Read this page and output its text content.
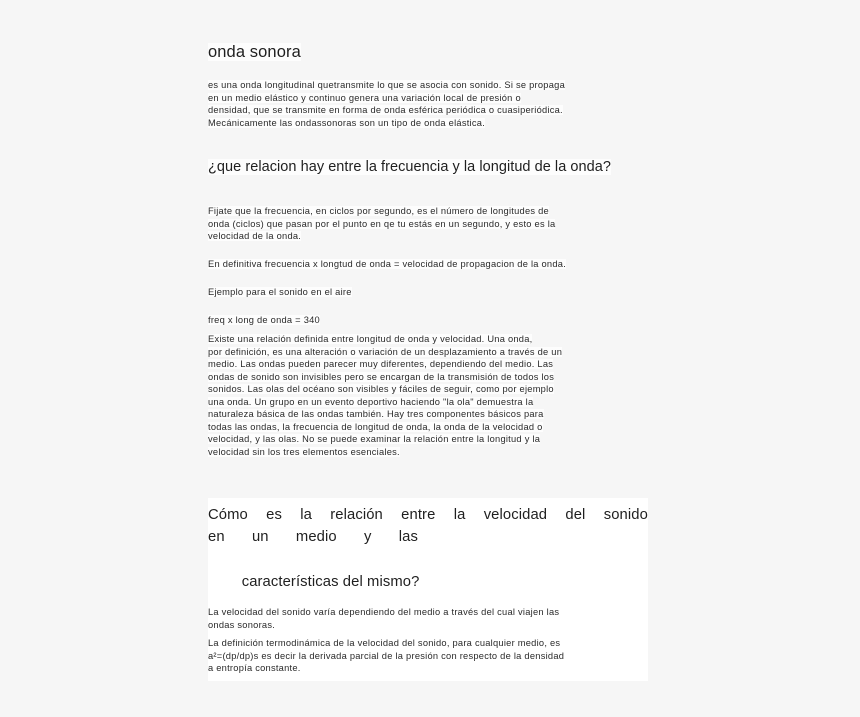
onda sonora
es una onda longitudinal quetransmite lo que se asocia con sonido. Si se propaga
en un medio elástico y continuo genera una variación local de presión o
densidad, que se transmite en forma de onda esférica periódica o cuasiperiódica.
Mecánicamente las ondassonoras son un tipo de onda elástica.
¿que relacion hay entre la frecuencia y la longitud de la onda?
Fijate que la frecuencia, en ciclos por segundo, es el número de longitudes de
onda (ciclos) que pasan por el punto en qe tu estás en un segundo, y esto es la
velocidad de la onda.
En definitiva frecuencia x longtud de onda = velocidad de propagacion de la onda.
Ejemplo para el sonido en el aire
freq x long de onda = 340
Existe una relación definida entre longitud de onda y velocidad. Una onda,
por definición, es una alteración o variación de un desplazamiento a través de un
medio. Las ondas pueden parecer muy diferentes, dependiendo del medio. Las
ondas de sonido son invisibles pero se encargan de la transmisión de todos los
sonidos. Las olas del océano son visibles y fáciles de seguir, como por ejemplo
una onda. Un grupo en un evento deportivo haciendo "la ola" demuestra la
naturaleza básica de las ondas también. Hay tres componentes básicos para
todas las ondas, la frecuencia de longitud de onda, la onda de la velocidad o
velocidad, y las olas. No se puede examinar la relación entre la longitud y la
velocidad sin los tres elementos esenciales.
Cómo es la relación entre la velocidad del sonido
en un medio y las

características del mismo?

La velocidad del sonido varía dependiendo del medio a través del cual viajen las
ondas sonoras.
La definición termodinámica de la velocidad del sonido, para cualquier medio, es
a²=(dp/dp)s es decir la derivada parcial de la presión con respecto de la densidad
a entropía constante.
